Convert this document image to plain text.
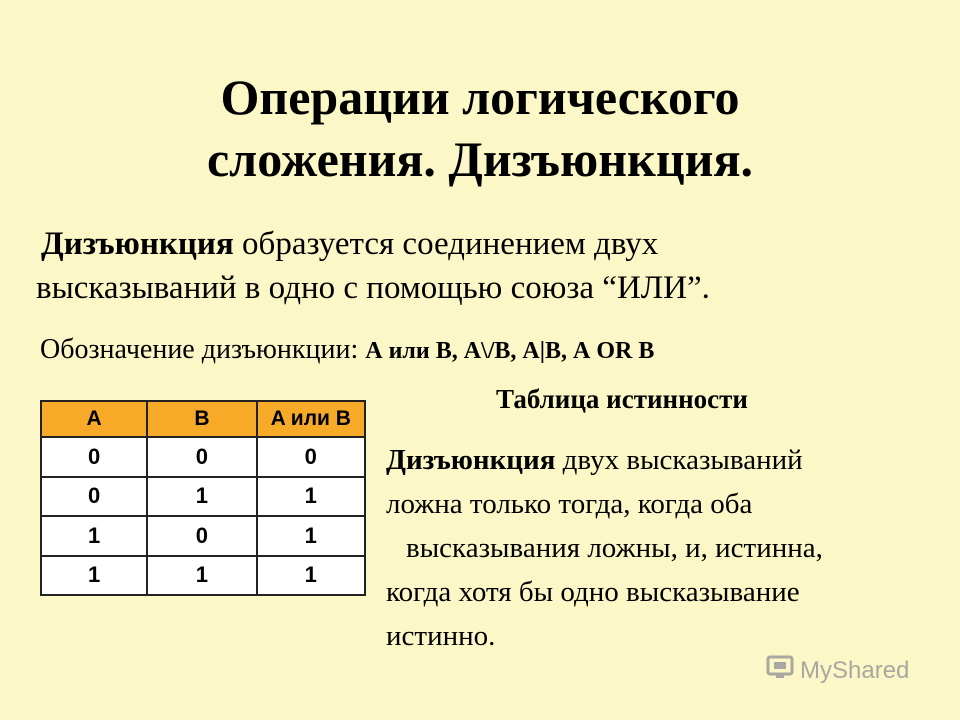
Операции логического
сложения. Дизъюнкция.
Дизъюнкция образуется соединением двух
высказываний в одно с помощью союза “ИЛИ”.
Обозначение дизъюнкции: А или В, А\/В, А|В, А OR В
Таблица истинности
A	B	A или B
0	0	0
0	1	1
1	0	1
1	1	1
Дизъюнкция двух высказываний
ложна только тогда, когда оба
высказывания ложны, и, истинна,
когда хотя бы одно высказывание
истинно.
MyShared
